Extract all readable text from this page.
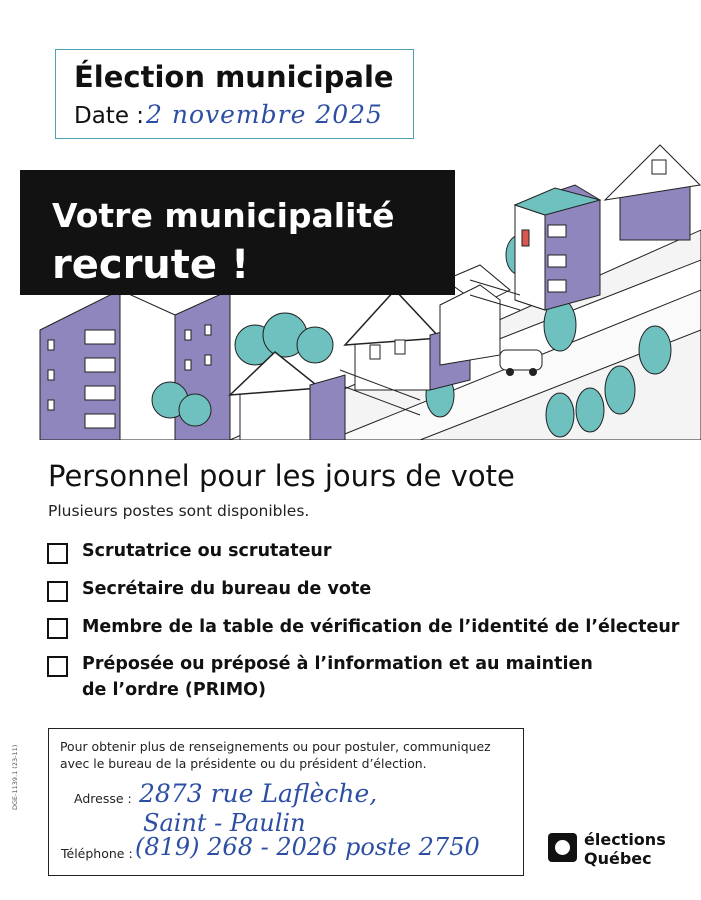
Élection municipale
Date : 2 novembre 2025
Votre municipalité
recrute !
Personnel pour les jours de vote
Plusieurs postes sont disponibles.
Scrutatrice ou scrutateur
Secrétaire du bureau de vote
Membre de la table de vérification de l’identité de l’électeur
Préposée ou préposé à l’information et au maintien
de l’ordre (PRIMO)
Pour obtenir plus de renseignements ou pour postuler, communiquez avec le bureau de la présidente ou du président d’élection.
Adresse : 2873 rue Laflèche,
Saint - Paulin
Téléphone : (819) 268 - 2026 poste 2750	élections
Québec
DGE-1139.1 (23-11)
